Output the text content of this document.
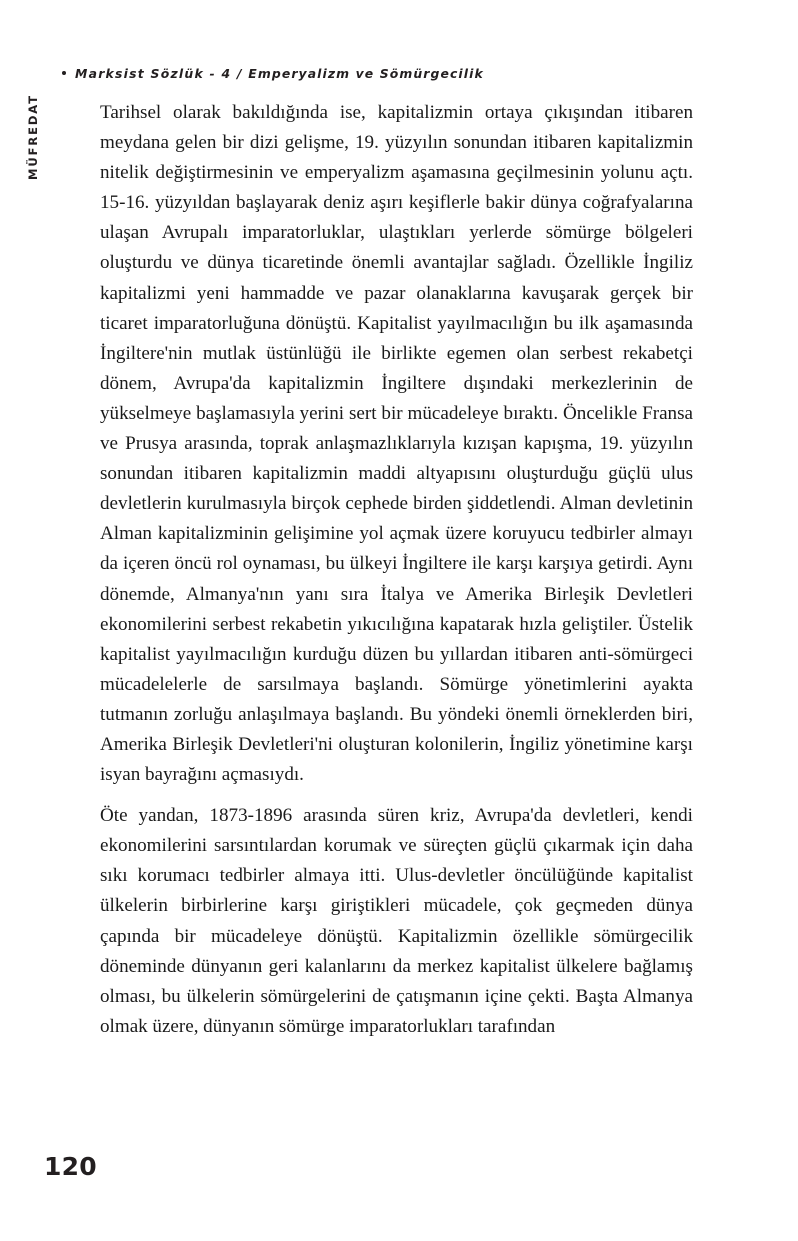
Marksist Sözlük - 4 / Emperyalizm ve Sömürgecilik
MÜFREDAT	Tarihsel olarak bakıldığında ise, kapitalizmin ortaya çıkışından itibaren meydana gelen bir dizi gelişme, 19. yüzyılın sonundan itibaren kapitalizmin nitelik değiştirmesinin ve emperyalizm aşamasına geçilmesinin yolunu açtı. 15-16. yüzyıldan başlayarak deniz aşırı keşiflerle bakir dünya coğrafyalarına ulaşan Avrupalı imparatorluklar, ulaştıkları yerlerde sömürge bölgeleri oluşturdu ve dünya ticaretinde önemli avantajlar sağladı. Özellikle İngiliz kapitalizmi yeni hammadde ve pazar olanaklarına kavuşarak gerçek bir ticaret imparatorluğuna dönüştü. Kapitalist yayılmacılığın bu ilk aşamasında İngiltere'nin mutlak üstünlüğü ile birlikte egemen olan serbest rekabetçi dönem, Avrupa'da kapitalizmin İngiltere dışındaki merkezlerinin de yükselmeye başlamasıyla yerini sert bir mücadeleye bıraktı. Öncelikle Fransa ve Prusya arasında, toprak anlaşmazlıklarıyla kızışan kapışma, 19. yüzyılın sonundan itibaren kapitalizmin maddi altyapısını oluşturduğu güçlü ulus devletlerin kurulmasıyla birçok cephede birden şiddetlendi. Alman devletinin Alman kapitalizminin gelişimine yol açmak üzere koruyucu tedbirler almayı da içeren öncü rol oynaması, bu ülkeyi İngiltere ile karşı karşıya getirdi. Aynı dönemde, Almanya'nın yanı sıra İtalya ve Amerika Birleşik Devletleri ekonomilerini serbest rekabetin yıkıcılığına kapatarak hızla geliştiler. Üstelik kapitalist yayılmacılığın kurduğu düzen bu yıllardan itibaren anti-sömürgeci mücadelelerle de sarsılmaya başlandı. Sömürge yönetimlerini ayakta tutmanın zorluğu anlaşılmaya başlandı. Bu yöndeki önemli örneklerden biri, Amerika Birleşik Devletleri'ni oluşturan kolonilerin, İngiliz yönetimine karşı isyan bayrağını açmasıydı.

Öte yandan, 1873-1896 arasında süren kriz, Avrupa'da devletleri, kendi ekonomilerini sarsıntılardan korumak ve süreçten güçlü çıkarmak için daha sıkı korumacı tedbirler almaya itti. Ulus-devletler öncülüğünde kapitalist ülkelerin birbirlerine karşı giriştikleri mücadele, çok geçmeden dünya çapında bir mücadeleye dönüştü. Kapitalizmin özellikle sömürgecilik döneminde dünyanın geri kalanlarını da merkez kapitalist ülkelere bağlamış olması, bu ülkelerin sömürgelerini de çatışmanın içine çekti. Başta Almanya olmak üzere, dünyanın sömürge imparatorlukları tarafından

120
